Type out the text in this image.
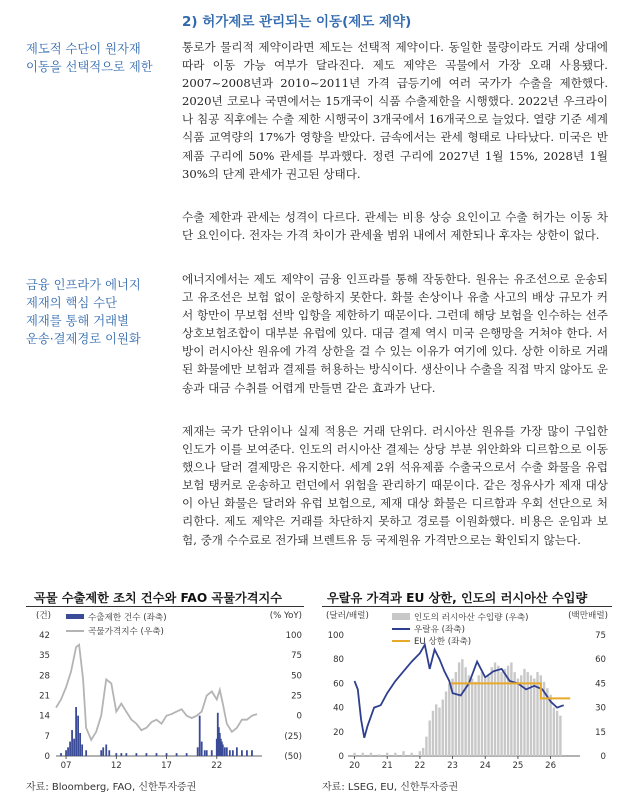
2) 허가제로 관리되는 이동(제도 제약)
제도적 수단이 원자재
이동을 선택적으로 제한
금융 인프라가 에너지
제재의 핵심 수단
제재를 통해 거래별
운송·결제경로 이원화

통로가 물리적 제약이라면 제도는 선택적 제약이다. 동일한 물량이라도 거래 상대에 따라 이동 가능 여부가 달라진다. 제도 제약은 곡물에서 가장 오래 사용됐다. 2007~2008년과 2010~2011년 가격 급등기에 여러 국가가 수출을 제한했다. 2020년 코로나 국면에서는 15개국이 식품 수출제한을 시행했다. 2022년 우크라이나 침공 직후에는 수출 제한 시행국이 3개국에서 16개국으로 늘었다. 열량 기준 세계 식품 교역량의 17%가 영향을 받았다. 금속에서는 관세 형태로 나타났다. 미국은 반제품 구리에 50% 관세를 부과했다. 정련 구리에 2027년 1월 15%, 2028년 1월 30%의 단계 관세가 권고된 상태다.

수출 제한과 관세는 성격이 다르다. 관세는 비용 상승 요인이고 수출 허가는 이동 차단 요인이다. 전자는 가격 차이가 관세율 범위 내에서 제한되나 후자는 상한이 없다.

에너지에서는 제도 제약이 금융 인프라를 통해 작동한다. 원유는 유조선으로 운송되고 유조선은 보험 없이 운항하지 못한다. 화물 손상이나 유출 사고의 배상 규모가 커서 항만이 무보험 선박 입항을 제한하기 때문이다. 그런데 해당 보험을 인수하는 선주상호보험조합이 대부분 유럽에 있다. 대금 결제 역시 미국 은행망을 거쳐야 한다. 서방이 러시아산 원유에 가격 상한을 걸 수 있는 이유가 여기에 있다. 상한 이하로 거래된 화물에만 보험과 결제를 허용하는 방식이다. 생산이나 수출을 직접 막지 않아도 운송과 대금 수취를 어렵게 만들면 같은 효과가 난다.

제재는 국가 단위이나 실제 적용은 거래 단위다. 러시아산 원유를 가장 많이 구입한 인도가 이를 보여준다. 인도의 러시아산 결제는 상당 부분 위안화와 디르함으로 이동했으나 달러 결제망은 유지한다. 세계 2위 석유제품 수출국으로서 수출 화물을 유럽 보험 탱커로 운송하고 런던에서 위험을 관리하기 때문이다. 같은 정유사가 제재 대상이 아닌 화물은 달러와 유럽 보험으로, 제재 대상 화물은 디르함과 우회 선단으로 처리한다. 제도 제약은 거래를 차단하지 못하고 경로를 이원화했다. 비용은 운임과 보험, 중개 수수료로 전가돼 브렌트유 등 국제원유 가격만으로는 확인되지 않는다.

곡물 수출제한 조치 건수와 FAO 곡물가격지수
(건)	(% YoY)
수출제한 건수 (좌축)
곡물가격지수 (우축)
0
7
14
21
28
35
42
(50)
(25)
0
25
50
75
100
07	12	17	22
자료: Bloomberg, FAO, 신한투자증권
우랄유 가격과 EU 상한, 인도의 러시아산 수입량
(달러/배럴)	(백만배럴)
인도의 러시아산 수입량 (우축)
우랄유 (좌축)
EU 상한 (좌축)
0
20
40
60
80
100
0
15
30
45
60
75
20	21	22	23	24	25	26
자료: LSEG, EU, 신한투자증권
